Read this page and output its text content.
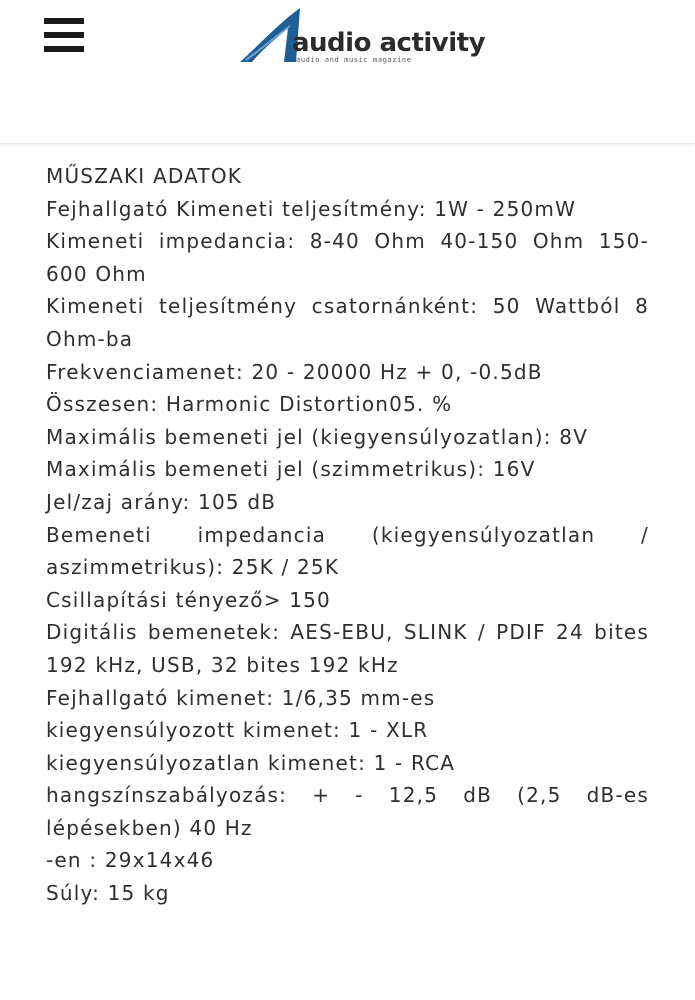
audio activity
audio and music magazine

MŰSZAKI ADATOK

Fejhallgató Kimeneti teljesítmény: 1W - 250mW

Kimeneti impedancia: 8-40 Ohm 40-150 Ohm 150-600 Ohm

Kimeneti teljesítmény csatornánként: 50 Wattból 8 Ohm-ba

Frekvenciamenet: 20 - 20000 Hz + 0, -0.5dB

Összesen: Harmonic Distortion05. %

Maximális bemeneti jel (kiegyensúlyozatlan): 8V

Maximális bemeneti jel (szimmetrikus): 16V

Jel/zaj arány: 105 dB

Bemeneti impedancia (kiegyensúlyozatlan / aszimmetrikus): 25K / 25K

Csillapítási tényező> 150

Digitális bemenetek: AES-EBU, SLINK / PDIF 24 bites 192 kHz, USB, 32 bites 192 kHz

Fejhallgató kimenet: 1/6,35 mm-es

kiegyensúlyozott kimenet: 1 - XLR

kiegyensúlyozatlan kimenet: 1 - RCA

hangszínszabályozás: + - 12,5 dB (2,5 dB-es lépésekben) 40 Hz

-en : 29x14x46

Súly: 15 kg
